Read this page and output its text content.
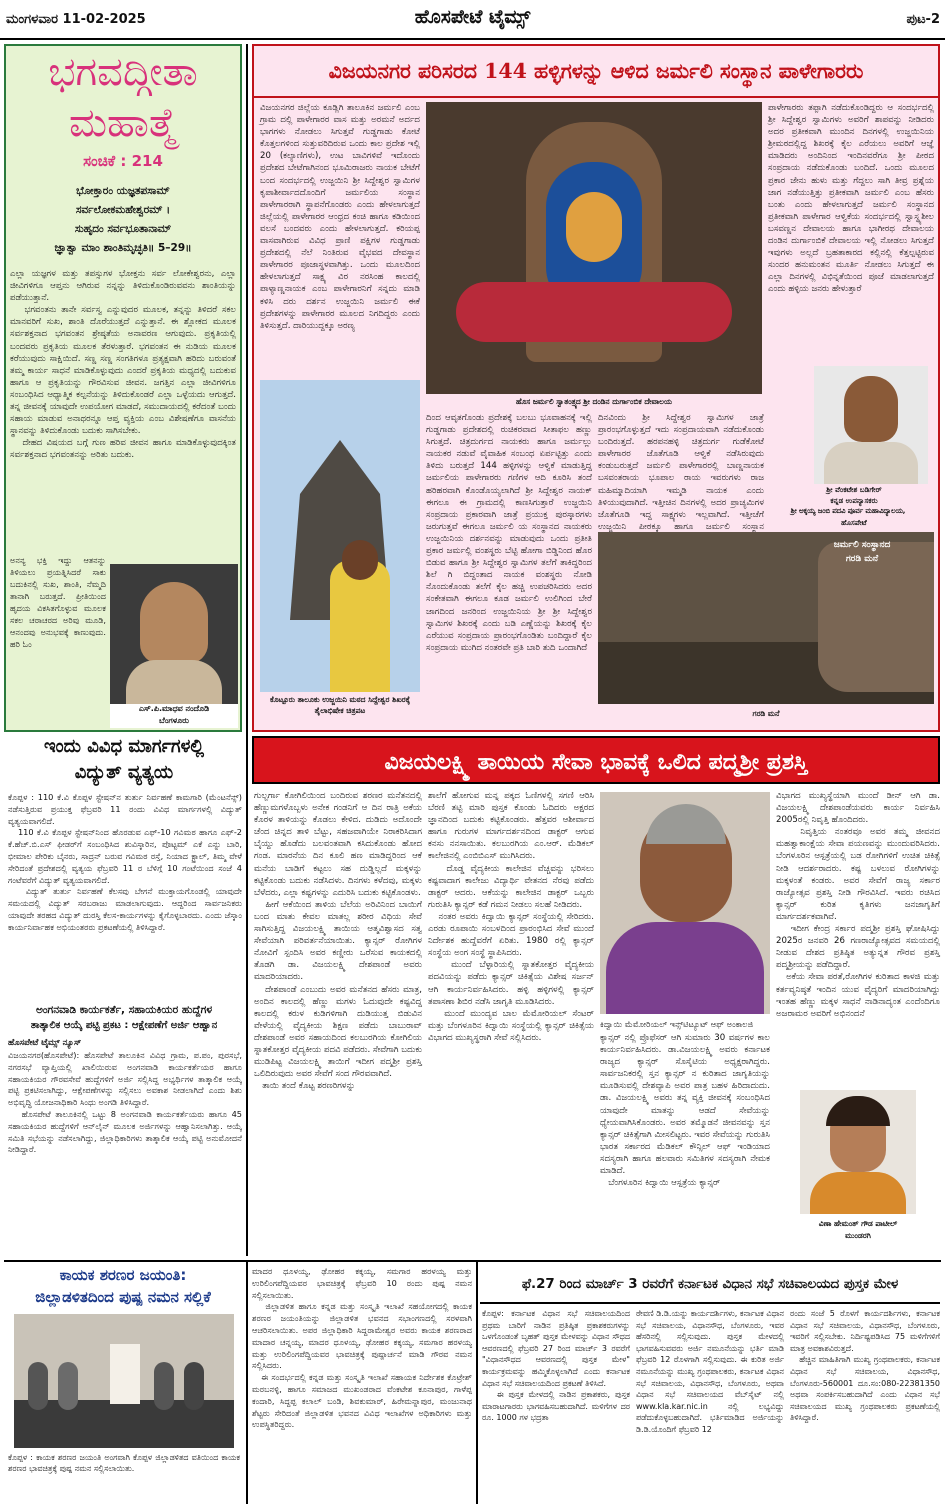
ಮಂಗಳವಾರ 11-02-2025	ಹೊಸಪೇಟೆ ಟೈಮ್ಸ್	ಪುಟ-2
ಭಗವದ್ಗೀತಾ
ಮಹಾತ್ಮೆ
ಸಂಚಿಕೆ : 214
ಭೋಕ್ತಾರಂ ಯಜ್ಞತಪಸಾಮ್
ಸರ್ವಲೋಕಮಹೇಶ್ವರಮ್ ।
ಸುಹೃದಂ ಸರ್ವಭೂತಾನಾಮ್
ಜ್ಞಾತ್ವಾ ಮಾಂ ಶಾಂತಿಮೃಚ್ಛತಿ॥ 5–29॥
ಎಲ್ಲಾ ಯಜ್ಞಗಳ ಮತ್ತು ತಪಸ್ಸುಗಳ ಭೋಕ್ತನು ಸರ್ವ ಲೋಕೇಶ್ವರನು, ಎಲ್ಲಾ ಜೀವಿಗಳಿಗೂ ಆಪ್ತನು ಆಗಿರುವ ನನ್ನನ್ನು ತಿಳಿದುಕೊಂಡಿರುವವನು ಶಾಂತಿಯನ್ನು ಪಡೆಯುತ್ತಾನೆ.
ಭಗವಂತನು ತಾನೇ ಸರ್ವಸ್ವ ಎನ್ನುವುದರ ಮೂಲಕ, ತನ್ನನ್ನು ತಿಳಿದರೆ ಸಕಲ ಮಾನವರಿಗೆ ಸುಖ, ಶಾಂತಿ ದೊರೆಯುತ್ತದೆ ಎನ್ನುತ್ತಾನೆ. ಈ ಶ್ಲೋಕದ ಮೂಲಕ ಸರ್ವಶಕ್ತನಾದ ಭಗವಂತನ ಶ್ರೇಷ್ಠತೆಯ ಅನಾವರಣ ಆಗುವುದು. ಪ್ರಕೃತಿಯಲ್ಲಿ ಬಂದವರು ಪ್ರಕೃತಿಯ ಮೂಲಕ ತೆರಳುತ್ತಾರೆ. ಭಗವಂತನ ಈ ನುಡಿಯ ಮೂಲಕ ಕರೆಯುವುದು ಸಾಕ್ಷಿಯಿದೆ. ಸಣ್ಣ ಸಣ್ಣ ಸಂಗತಿಗಳೂ ಪ್ರತ್ಯಕ್ಷವಾಗಿ ಹರಿದು ಬರುವಂತೆ ತಮ್ಮ ಕಾರ್ಯ ಸಾಧನೆ ಮಾಡಿಕೊಳ್ಳುವುದು ಎಂದರೆ ಪ್ರಕೃತಿಯ ಮಧ್ಯದಲ್ಲಿ ಬದುಕುವ ಹಾಗೂ ಆ ಪ್ರಕೃತಿಯನ್ನು ಗೌರವಿಸುವ ಜೀವನ. ಜಗತ್ತಿನ ಎಲ್ಲಾ ಜೀವಿಗಳಿಗೂ ಸಂಬಂಧಿಸಿದ ಆಧ್ಯಾತ್ಮಿಕ ಕಲ್ಪನೆಯನ್ನು ತಿಳಿದುಕೊಂಡರೆ ಎಲ್ಲಾ ಒಳ್ಳೆಯದು ಆಗುತ್ತದೆ. ತನ್ನ ಜೀವನಕ್ಕೆ ಯಾವುದೇ ಉಪಯೋಗ ಮಾಡದೆ, ಸಮುದಾಯದಲ್ಲಿ ಕರೆದಂತೆ ಬಂದು ಸಹಾಯ ಮಾಡುವ ಅನಾಥರನ್ನೂ ಆಪ್ತ ವ್ಯಕ್ತಿಯ ಎಂಬ ವಿಶೇಷಣೆಗೂ ವಾಸನೆಯ ಸ್ಥಾನವನ್ನು ತಿಳಿದುಕೊಂಡು ಬದುಕು ಸಾಗಿಸಬೇಕು.
ದೇಹದ ವಿಷಯದ ಬಗ್ಗೆ ಗುಣ ಹರಿವ ಜೀವನ ಹಾಗೂ ಮಾಡಿಕೊಳ್ಳುವುದಕ್ಕಿಂತ ಸರ್ವಶಕ್ತನಾದ ಭಗವಂತನನ್ನು ಅರಿತು ಬದುಕು.
ಅನನ್ಯ ಭಕ್ತಿ ಇದ್ದು ಆತನನ್ನು ತಿಳಿಯಲು ಪ್ರಯತ್ನಿಸಿದರೆ ಸಾಕು ಬದುಕಿನಲ್ಲಿ ಸುಖ, ಶಾಂತಿ, ನೆಮ್ಮದಿ ತಾನಾಗಿ ಬರುತ್ತದೆ. ಪ್ರೀತಿಯಿಂದ ಹೃದಯ ವಿಕಸಿತಗೊಳ್ಳುವ ಮೂಲಕ ಸಕಲ ಚರಾಚರದ ಅರಿವು ಮೂಡಿ, ಆನಂದವು ಅನುಭವಕ್ಕೆ ಕಾಣುವುದು. ಹರಿ ಓಂ
ಎಸ್.ಪಿ.ಮಾಧವ ನಂದೊಡಿ
ಬೆಂಗಳೂರು
ಇಂದು ವಿವಿಧ ಮಾರ್ಗಗಳಲ್ಲಿ
ವಿದ್ಯುತ್ ವ್ಯತ್ಯಯ
ಕೊಪ್ಪಳ : 110 ಕೆ.ವಿ ಕೊಪ್ಪಳ ಸ್ಟೇಷನ್‌ನ ತುರ್ತು ನಿರ್ವಹಣೆ ಕಾಮಗಾರಿ (ಮೆಂಟನೆನ್ಸ್) ನಡೆಸುತ್ತಿರುವ ಪ್ರಯುಕ್ತ ಫೆಬ್ರವರಿ 11 ರಂದು ವಿವಿಧ ಮಾರ್ಗಗಳಲ್ಲಿ ವಿದ್ಯುತ್ ವ್ಯತ್ಯಯವಾಗಲಿದೆ.
110 ಕೆ.ವಿ ಕೊಪ್ಪಳ ಸ್ಟೇಷನ್‌ನಿಂದ ಹೊರಡುವ ಎಫ್-10 ಗವಿಮಠ ಹಾಗೂ ಎಫ್-2 ಕೆ.ಹೆಚ್.ಬಿ.ಎಸ್ ಫೀಡರ್‌ಗೆ ಸಂಬಂಧಿಸಿದ ಶುವಿಸ್ಕಾರಿನ, ಪೊಟ್ಟಮ್ ಎಕೆ ಎನ್ನು ಬಾರಿ, ಭೀಮಾಲ ಪೇರಿಕು ಬೈನರು, ಸಾದ್ರನ್ ಬರುವ ಗವಿಮಠ ರಸ್ತೆ, ನಿಯಾದ ಕ್ಟ್ರಾಲ್, ತಿಮ್ಮ ವೇಳೆ ಸೇರಿದಂತೆ ಪ್ರದೇಶದಲ್ಲಿ ವ್ಯತ್ಯಯ ಫೆಬ್ರವರಿ 11 ರ ಬೆಳಿಗ್ಗೆ 10 ಗಂಟೆಯಿಂದ ಸಂಜೆ 4 ಗಂಟೆವರೆಗೆ ವಿದ್ಯುತ್ ವ್ಯತ್ಯಯವಾಗಲಿದೆ.
ವಿದ್ಯುತ್ ತುರ್ತು ನಿರ್ವಹಣೆ ಕೆಲಸವು ಬೇಗನೆ ಮುಕ್ತಾಯಗೊಂಡಲ್ಲಿ ಯಾವುದೇ ಸಮಯದಲ್ಲಿ ವಿದ್ಯುತ್ ಸರಬರಾಜು ಮಾಡಲಾಗುವುದು. ಆದ್ದರಿಂದ ಸಾರ್ವಜನಿಕರು ಯಾವುದೇ ತರಹದ ವಿದ್ಯುತ್ ದುರಸ್ತಿ ಕೆಲಸ-ಕಾರ್ಯಗಳನ್ನು ಕೈಗೊಳ್ಳಬಾರದು. ಎಂದು ಜೆಸ್ಕಾಂ ಕಾರ್ಯನಿರ್ವಾಹಕ ಅಭಿಯಂತರರು ಪ್ರಕಟಣೆಯಲ್ಲಿ ತಿಳಿಸಿದ್ದಾರೆ.
ಅಂಗನವಾಡಿ ಕಾರ್ಯಕರ್ತೆ, ಸಹಾಯಕಿಯರ ಹುದ್ದೆಗಳ
ತಾತ್ಕಾಲಿಕ ಆಯ್ಕೆ ಪಟ್ಟಿ ಪ್ರಕಟ : ಆಕ್ಷೇಪಣೆಗೆ ಅರ್ಜಿ ಆಹ್ವಾನ
ಹೊಸಪೇಟೆ ಟೈಮ್ಸ್ ನ್ಯೂಸ್
ವಿಜಯನಗರ(ಹೊಸಪೇಟೆ): ಹೊಸಪೇಟೆ ತಾಲೂಕಿನ ವಿವಿಧ ಗ್ರಾಮ, ಪ.ಪಂ, ಪುರಸಭೆ, ನಗರಸಭೆ ವ್ಯಾಪ್ತಿಯಲ್ಲಿ ಖಾಲಿಯಿರುವ ಅಂಗನವಾಡಿ ಕಾರ್ಯಕರ್ತೆಯರ ಹಾಗೂ ಸಹಾಯಕಿಯರ ಗೌರವಸೇವೆ ಹುದ್ದೆಗಳಿಗೆ ಅರ್ಜಿ ಸಲ್ಲಿಸಿದ್ದ ಅಭ್ಯರ್ಥಿಗಳ ತಾತ್ಕಾಲಿಕ ಆಯ್ಕೆ ಪಟ್ಟಿ ಪ್ರಕಟಿಸಲಾಗಿದ್ದು, ಆಕ್ಷೇಪಣೆಗಳನ್ನು ಸಲ್ಲಿಸಲು ಅವಕಾಶ ನೀಡಲಾಗಿದೆ ಎಂದು ಶಿಶು ಅಭಿವೃದ್ಧಿ ಯೋಜನಾಧಿಕಾರಿ ಸಿಂಧು ಅಂಗಡಿ ತಿಳಿಸಿದ್ದಾರೆ.
ಹೊಸಪೇಟೆ ತಾಲೂಕಿನಲ್ಲಿ ಒಟ್ಟು 8 ಅಂಗನವಾಡಿ ಕಾರ್ಯಕರ್ತೆಯರು ಹಾಗೂ 45 ಸಹಾಯಕಿಯರ ಹುದ್ದೆಗಳಿಗೆ ಆನ್‌ಲೈನ್ ಮೂಲಕ ಅರ್ಜಿಗಳನ್ನು ಆಹ್ವಾನಿಸಲಾಗಿತ್ತು. ಆಯ್ಕೆ ಸಮಿತಿ ಸಭೆಯನ್ನು ನಡೆಸಲಾಗಿದ್ದು, ಜಿಲ್ಲಾಧಿಕಾರಿಗಳು ತಾತ್ಕಾಲಿಕ ಆಯ್ಕೆ ಪಟ್ಟಿ ಅನುಮೋದನೆ ನೀಡಿದ್ದಾರೆ.
ವಿಜಯನಗರ ಪರಿಸರದ 144 ಹಳ್ಳಿಗಳನ್ನು ಆಳಿದ ಜರ್ಮಲಿ ಸಂಸ್ಥಾನ ಪಾಳೇಗಾರರು
ವಿಜಯನಗರ ಜಿಲ್ಲೆಯ ಕೂಡ್ಲಿಗಿ ತಾಲೂಕಿನ ಜರ್ಮಲಿ ಎಂಬ ಗ್ರಾಮ ದಲ್ಲಿ ಪಾಳೇಗಾರರ ವಾಸ ಮತ್ತು ಅರಮನೆ ಅರ್ದದ ಭಾಗಗಳು ನೋಡಲು ಸಿಗುತ್ತವೆ ಗುಡ್ಡಗಾಡು ಕೋಟೆ ಕೊತ್ತಲಗಳಿಂದ ಸುತ್ತುವರಿದಿರುವ ಒಂದು ಕಾಲ ಪ್ರದೇಶ ಇಲ್ಲಿ 20 (ಕಲ್ಯಾಣಿಗಳು), ಉಟ ಬಾವಿಗಳಿವೆ ಇದೊಂದು ಪ್ರದೇಶದ ಬೇಟೆಗಾಗಿನಂದ ಭೂಮಿರಾಜರು ನಾಯಕ ಬೇಟೆಗೆ ಬಂದ ಸಂದರ್ಭದಲ್ಲಿ ಉಜ್ಜಯಿನಿ ಶ್ರೀ ಸಿದ್ದೇಶ್ವರ ಸ್ವಾಮಿಗಳ ಕೃಪಾಶೀರ್ವಾದದೊಂದಿಗೆ ಜರ್ಮಲಿಯ ಸಂಸ್ಥಾನ ಪಾಳೇಗಾರರಾಗಿ ಸ್ಥಾಪನೆಗೊಂಡರು ಎಂದು ಹೇಳಲಾಗುತ್ತದೆ ಜಿಲ್ಲೆಯಲ್ಲಿ ಪಾಳೇಗಾರರ ಆಂಧ್ರದ ಕಂಚಿ ಹಾಗೂ ಕಡಿಯಿಂದ ವಲಸೆ ಬಂದವರು ಎಂದು ಹೇಳಲಾಗುತ್ತದೆ. ಕರಿಯಪ್ಪ ವಾಸವಾಗಿರುವ ವಿವಿಧ ಪ್ರಾಣಿ ಪಕ್ಷಿಗಳ ಗುಡ್ಡಗಾಡು ಪ್ರದೇಶದಲ್ಲಿ ನೆಲೆ ನಿಂತಿರುವ ವೈಭವದ ದೇವಸ್ಥಾನ ಪಾಳೇಗಾರರ ಪೂಜಾಸ್ಥಳವಾಗಿತ್ತು. ಒಂದು ಮೂಲದಿಂದ ಹೇಳಲಾಗುತ್ತದೆ ಸಾಕ್ಷ್ಯ ವಿರ ನರಸಿಂಹ ಕಾಲದಲ್ಲಿ ಪಾಳ್ಯಾಣ್ಣನಾಯಕ ಎಂಬ ಪಾಳೇಗಾರನಿಗೆ ಸನ್ನದು ಮಾಡಿ ಕಳಿಸಿ ದರು ದರ್ಶನ ಉಜ್ಜಯಿನಿ ಜರ್ಮಲಿ ಈಕೆ ಪ್ರದೇಶಗಳನ್ನು ಪಾಳೇಗಾರರ ಮೂಲದ ನಿಗದಿದ್ದರು ಎಂದು ತಿಳಿಸುತ್ತದೆ. ದಾರಿಯುದ್ದಕ್ಕೂ ಅರಣ್ಯ
ಹೊಸ ಜರ್ಮಲಿ ಸ್ವಾತಂತ್ರ್ಯದ ಶ್ರೀ ದಂಡಿನ ದುರ್ಗಾಂಬಿಕ ದೇವಾಲಯ
ಪಾಳೇಗಾರರು ತಪ್ಪಾಗಿ ನಡೆದುಕೊಂಡಿದ್ದರು ಆ ಸಂದರ್ಭದಲ್ಲಿ ಶ್ರೀ ಸಿದ್ದೇಶ್ವರ ಸ್ವಾಮಿಗಳು ಅವರಿಗೆ ಶಾಪವನ್ನು ನೀಡಿದರು ಅದರ ಪ್ರತೀಕವಾಗಿ ಮುಂದಿನ ದಿನಗಳಲ್ಲಿ ಉಜ್ಜಯಿನಿಯ ಶ್ರೀಮಠದಲ್ಲಿದ್ದ ಶಿಖರಕ್ಕೆ ಕೈಲ ಎರೆಯಲು ಅವರಿಗೆ ಆಜ್ಞೆ ಮಾಡಿದರು ಅಂದಿನಿಂದ ಇಂದಿನವರೆಗೂ ಶ್ರೀ ಪೀಠದ ಸಂಪ್ರದಾಯ ನಡೆದುಕೊಂಡು ಬಂದಿದೆ. ಒಂದು ಮೂಲದ ಪ್ರಕಾರ ಜೇನು ಹುಳು ಮತ್ತು ಗೆದ್ದಲು ಸಾಗಿ ತೀವ್ರ ಪ್ರಶ್ನೆಯ ಜಾಗ ನಡೆಯುತ್ತಿತ್ತು ಪ್ರತೀಕವಾಗಿ ಜರ್ಮಲಿ ಎಂಬ ಹೆಸರು ಬಂತು ಎಂದು ಹೇಳಲಾಗುತ್ತದೆ ಜರ್ಮಲಿ ಸಂಸ್ಥಾನದ ಪ್ರತೀಕವಾಗಿ ಪಾಳೇಗಾರ ಆಳ್ವಿಕೆಯ ಸಂದರ್ಭದಲ್ಲಿ ಸ್ವಾಸ್ಥ್ಯಶೀಲ ಬಸವಣ್ಣನ ದೇವಾಲಯ ಹಾಗೂ ಭಾಗೀರಥ ದೇವಾಲಯ ದಂಡಿನ ದುರ್ಗಾಂಬಿಕೆ ದೇವಾಲಯ ಇಲ್ಲಿ ನೋಡಲು ಸಿಗುತ್ತದೆ ಇವುಗಳು ಅಲ್ಲದೆ ಬ್ರಹತಾಕಾರದ ಕಲ್ಲಿನಲ್ಲಿ ಕೆತ್ತಲ್ಪಟ್ಟಿರುವ ಸುಂದರ ಹನುಮಂತನ ಮೂರ್ತಿ ನೋಡಲು ಸಿಗುತ್ತದೆ ಈ ಎಲ್ಲಾ ದಿನಗಳಲ್ಲಿ ವಿಭಿನ್ನತೆಯಿಂದ ಪೂಜೆ ಮಾಡಲಾಗುತ್ತದೆ ಎಂದು ಹಳ್ಳಿಯ ಜನರು ಹೇಳುತ್ತಾರೆ
ಶ್ರೀ ವೆಂಕಟೇಶ ಬಡಿಗೇರ್
ಕನ್ನಡ ಉಪನ್ಯಾಸಕರು
ಶ್ರೀ ಅಕ್ಕಯ್ಯ ಜಂಬಿ ಪದವಿ ಪೂರ್ವ ಮಹಾವಿದ್ಯಾಲಯ,
ಹೊಸಪೇಟೆ
ದಿಂದ ಆವೃತಗೊಂಡು ಪ್ರದೇಶಕ್ಕೆ ಬಲಬು ಭೂವಾಹನಕ್ಕೆ ಇಲ್ಲಿ ಗುಡ್ಡಗಾಡು ಪ್ರದೇಶದಲ್ಲಿ ರುಚಿಕರವಾದ ಸೀತಾಫಲ ಹಣ್ಣು ಸಿಗುತ್ತದೆ. ಚಿತ್ರದುರ್ಗದ ನಾಯಕರು ಹಾಗೂ ಜರ್ಮಲ್ಲು ನಾಯಕರ ನಡುವೆ ವೈವಾಹಿಕ ಸಂಬಂಧ ಏರ್ಪಟ್ಟಿತ್ತು ಎಂದು ತಿಳಿದು ಬರುತ್ತದೆ 144 ಹಳ್ಳಿಗಳನ್ನು ಆಳ್ವಿಕೆ ಮಾಡುತ್ತಿದ್ದ ಜರ್ಮಲಿಯ ಪಾಳೇಗಾರರು ಗಣಿಗಳ ಆದಿ ಕೂರಿಸಿ ತಂದೆ ಹರಿಹರವಾಗಿ ಕೊಂಡೊಯ್ಯಲಾಗಿದೆ ಶ್ರೀ ಸಿದ್ದೇಶ್ವರ ನಾಯಕ್ ಈಗಲೂ ಈ ಗ್ರಾಮದಲ್ಲಿ ಕಾಣಸಿಗುತ್ತಾರೆ ಉಜ್ಜಯಿನಿ ಸಂಪ್ರದಾಯ ಪ್ರಕಾರವಾಗಿ ಜಾತ್ರೆ ಪ್ರಯುಕ್ತ ಪುರಸ್ಕಾರಗಳು ಜರುಗುತ್ತವೆ ಈಗಲೂ ಜರ್ಮಲಿ ಯ ಸಂಸ್ಥಾನದ ನಾಯಕರು ಉಜ್ಜಯಿನಿಯ ದರ್ಶನವನ್ನು ಮಾಡುವುದು ಒಂದು ಪ್ರತೀತಿ ಪ್ರಕಾರ ಜರ್ಮಲ್ಲಿ ವಂಶಸ್ಥರು ಬೆಟ್ಟಿ ಹೋಗಾ ಬಿಡ್ಡಿನಿಂದ ಹೊರ ಬಿಡುವ ಹಾಗೂ ಶ್ರೀ ಸಿದ್ದೇಶ್ವರ ಸ್ವಾಮಿಗಳ ತಲೆಗೆ ತಾಕಿದ್ದರಿಂದ ಶಿಲೆ ಗಿ ಬಿದ್ದಂತಾದ ನಾಯಕ ವಂಶಸ್ಥರು ನೋಡಿ ನೊಂದುಕೊಂಡು ತಲೆಗೆ ಕೈಲ ಹಚ್ಚಿ ಉಪಚರಿಸಿದರು ಅದರ ಸಂಕೇತವಾಗಿ ಈಗಲೂ ಕೂಡ ಜರ್ಮಲಿ ಉಲಿಗಿಂದ ಬೇರೆ ಜಾಗದಿಂದ ಜನರಿಂದ ಉಜ್ಜಯಿನಿಯ ಶ್ರೀ ಶ್ರೀ ಸಿದ್ದೇಶ್ವರ ಸ್ವಾಮಿಗಳ ಶಿಖರಕ್ಕೆ ಎಂದು ಬಡಿ ಎಣ್ಣೆಯನ್ನು ಶಿಖರಕ್ಕೆ ಕೈಲ ಎರೆಯುವ ಸಂಪ್ರದಾಯ ಪ್ರಾರಂಭಗೊಂಡಿತು ಬಂದಿದ್ದಾರೆ ಕೈಲ ಸಂಪ್ರದಾಯ ಮುಗಿದ ನಂತರವೇ ಪ್ರತಿ ಬಾರಿ ತುದಿ ಒಂದಾಗಿದೆ
ದಿನವಿಂದು ಶ್ರೀ ಸಿದ್ದೇಶ್ವರ ಸ್ವಾಮಿಗಳ ಜಾತ್ರೆ ಪ್ರಾರಂಭಗೊಳ್ಳುತ್ತದೆ ಇದು ಸಂಪ್ರದಾಯವಾಗಿ ನಡೆದುಕೊಂಡು ಬಂದಿರುತ್ತದೆ. ಹರಪನಹಳ್ಳಿ ಚಿತ್ರದುರ್ಗ ಗುಡೆಕೋಟೆ ಪಾಳೇಗಾರರ ಜೊತೆಗೂಡಿ ಆಳ್ವಿಕೆ ನಡೆಸಿರುವುದು ಕಂಡುಬರುತ್ತದೆ ಜರ್ಮಲಿ ಪಾಳೇಗಾರರಲ್ಲಿ ಬಾಣ್ಣನಾಯಕ ಬಸವಂತರಾಯ ಭೂಪಾಲ ರಾಯ ಇವರುಗಳು ರಾಜ ಮಹಿಮ್ಮಾದಿಯಾಗಿ ಇಮ್ಮಡಿ ನಾಯಕ ಎಂದು ತಿಳಿಯುವುದಾಗಿದೆ. ಇತ್ತೀಚಿನ ದಿನಗಳಲ್ಲಿ ಅದರ ಪ್ರಾಚ್ಯಮಿಗಳ ಜೊತೆಗೂಡಿ ಇದ್ದ ಸಾಕ್ಷ್ಯಗಳು ಇಲ್ಲವಾಗಿದೆ. ಇತ್ತೀಚೆಗೆ ಉಜ್ಜಯಿನಿ ಪೀಠಕ್ಕೂ ಹಾಗೂ ಜರ್ಮಲಿ ಸಂಸ್ಥಾನ
ಕೊಟ್ಟೂರು ತಾಲೂಕು ಉಜ್ಜಯಿನಿ ಮಠದ ಸಿದ್ದೇಶ್ವರ ಶಿಖರಕ್ಕೆ ತೈಲಾಭಿಷೇಕ ಚಿತ್ರಪಟ
ಜರ್ಮಲಿ ಸಂಸ್ಥಾನದ
ಗರಡಿ ಮನೆ
ಗರಡಿ ಮನೆ
ವಿಜಯಲಕ್ಷ್ಮಿ ತಾಯಿಯ ಸೇವಾ ಭಾವಕ್ಕೆ ಒಲಿದ ಪದ್ಮಶ್ರೀ ಪ್ರಶಸ್ತಿ
ಗುಲ್ಬರ್ಗಾ ಕೋಗಿಲಿಯಿಂದ ಬಂದಿರುವ ಶರಣರ ಮನೆತನದಲ್ಲಿ ಹೆಣ್ಣುಮಗಳೊಬ್ಬಳು ಅನೇಕ ಗಂಡನಿಗೆ ಆ ದಿನ ರಾತ್ರಿ ಅಕೆಯ ಕೊರಳ ತಾಳಿಯನ್ನು ಕೊಡಲು ಕೇಳಿದ. ದುಡಿದು ಅದೊಂದೇ ಚೆಂದ ಚಿನ್ನದ ತಾಳಿ ಬೆಟ್ಟು, ಸಹಜವಾಗಿಯೇ ನಿರಾಕರಿಸಿದಾಗ ಬೈಯ್ದು ಹೊಡೆದು ಬಲವಂತವಾಗಿ ಕಸಿದುಕೊಂಡು ಹೋದ ಗಂಡ. ಮಾರನೆಯ ದಿನ ಕೂಲಿ ಹಣ ಮಾಡಿದ್ದರಿಂದ ಆಕೆ ಮನೆಯ ಬಾಡಿಗೆ ಕಟ್ಟಲು ಸಹ ದುಡ್ಡಿಲ್ಲದೆ ಮಕ್ಕಳನ್ನು ಕಟ್ಟಿಕೊಂಡು ಬದುಕು ನಡೆಸಿದಳು. ದಿನಗಳು ಕಳೆದವು, ಮಕ್ಕಳು ಬೆಳೆದರು, ಎಲ್ಲಾ ಕಷ್ಟಗಳನ್ನು ಎದುರಿಸಿ ಬದುಕು ಕಟ್ಟಿಕೊಂಡಳು.
ಹೀಗೆ ಆಕೆಯಿಂದ ತಾಳಿಯ ಬೆಲೆಯ ಅರಿವಿನಿಂದ ಬಾಯಿಗೆ ಬಂದ ಮಾತು ಕೇವಲ ಮಾತಲ್ಲ ಶರೀರ ವಿಧಿಯ ಸೇವೆ ಸಾಗಿಸುತ್ತಿದ್ದ ವಿಜಯಲಕ್ಷ್ಮಿ ತಾಯಿಯ ಆತ್ಮವಿಶ್ವಾಸದ ಸತ್ವ ಸೇವೆಯಾಗಿ ಪರಿವರ್ತನೆಯಾಯಿತು. ಕ್ಯಾನ್ಸರ್ ರೋಗಿಗಳ ನೋವಿಗೆ ಸ್ಪಂದಿಸಿ ಅವರ ಕಣ್ಣೀರು ಒರೆಸುವ ಕಾಯಕದಲ್ಲಿ ತೊಡಗಿ ಡಾ. ವಿಜಯಲಕ್ಷ್ಮಿ ದೇಶಪಾಂಡೆ ಅವರು ಮಾದರಿಯಾದರು.
ದೇಶಪಾಂಡೆ ಎಂಬುದು ಅವರ ಮನೆತನದ ಹೆಸರು ಮಾತ್ರ, ಅಂದಿನ ಕಾಲದಲ್ಲಿ ಹೆಣ್ಣು ಮಗಳು ಓದುವುದೇ ಕಷ್ಟವಿದ್ದ ಕಾಲದಲ್ಲಿ ಕರುಳ ಕುಡಿಗಳಿಗಾಗಿ ದುಡಿಯುತ್ತ ಬಿಡುವಿನ ವೇಳೆಯಲ್ಲಿ ವೈದ್ಯಕೀಯ ಶಿಕ್ಷಣ ಪಡೆದು ಬಾಬುರಾವ್ ದೇಶಪಾಂಡೆ ಅವರ ಸಹಾಯದಿಂದ ಕಲಬುರಗಿಯ ಕೋಗಿಲಿಯ ಸ್ನಾತಕೋತ್ತರ ವೈದ್ಯಕೀಯ ಪದವಿ ಪಡೆದರು. ಸೇವೆಗಾಗಿ ಬದುಕು ಮುಡಿಪಿಟ್ಟ ವಿಜಯಲಕ್ಷ್ಮಿ ತಾಯಿಗೆ ಇದೀಗ ಪದ್ಮಶ್ರೀ ಪ್ರಶಸ್ತಿ ಒಲಿದಿರುವುದು ಅವರ ಸೇವೆಗೆ ಸಂದ ಗೌರವವಾಗಿದೆ.
ತಾಯಿ ತಂದೆ ಕೊಟ್ಟ ಶರಣರಿಗಳನ್ನು
ಶಾಲೆಗೆ ಹೋಗುವ ಮನ್ನ ಪಕ್ಕದ ಓಣಿಗಳಲ್ಲಿ ಸಗಣಿ ಆರಿಸಿ ಬೆರಣಿ ತಟ್ಟಿ ಮಾರಿ ಪುಸ್ತಕ ಕೊಂಡು ಓದಿದರು ಅಕ್ಷರದ ಜ್ಞಾನದಿಂದ ಬದುಕು ಕಟ್ಟಿಕೊಂಡರು. ಹೆತ್ತವರ ಆಶೀರ್ವಾದ ಹಾಗೂ ಗುರುಗಳ ಮಾರ್ಗದರ್ಶನದಿಂದ ಡಾಕ್ಟರ್ ಆಗುವ ಕನಸು ನನಸಾಯಿತು. ಕಲಬುರಗಿಯ ಎಂ.ಆರ್. ಮೆಡಿಕಲ್ ಕಾಲೇಜಿನಲ್ಲಿ ಎಂಬಿಬಿಎಸ್ ಮುಗಿಸಿದರು.
ದೊಡ್ಡ ವೈದ್ಯಕೀಯ ಕಾಲೇಜಿನ ವೆಚ್ಚವನ್ನು ಭರಿಸಲು ಕಷ್ಟವಾದಾಗ ಕಾಲೇಜು ವಿದ್ಯಾರ್ಥಿ ವೇತನದ ನೆರವು ಪಡೆದು ಡಾಕ್ಟರ್ ಆದರು. ಆಕೆಯನ್ನು ಕಾಲೇಜಿನ ಡಾಕ್ಟರ್ ಒಬ್ಬರು ಗುರುತಿಸಿ ಕ್ಯಾನ್ಸರ್ ಕಡೆ ಗಮನ ನೀಡಲು ಸಲಹೆ ನೀಡಿದರು.
ನಂತರ ಅವರು ಕಿದ್ವಾಯಿ ಕ್ಯಾನ್ಸರ್ ಸಂಸ್ಥೆಯಲ್ಲಿ ಸೇರಿದರು. ಎರಡು ರೂಪಾಯಿ ಸಂಬಳದಿಂದ ಪ್ರಾರಂಭಿಸಿದ ಸೇವೆ ಮುಂದೆ ನಿರ್ದೇಶಕ ಹುದ್ದೆವರೆಗೆ ಏರಿತು. 1980 ರಲ್ಲಿ ಕ್ಯಾನ್ಸರ್ ಸಂಸ್ಥೆಯ ಅಂಗ ಸಂಸ್ಥೆ ಸ್ಥಾಪಿಸಿದರು.
ಮುಂದೆ ಬೆಳ್ಳಾರಿಯಲ್ಲಿ ಸ್ನಾತಕೋತ್ತರ ವೈದ್ಯಕೀಯ ಪದವಿಯನ್ನು ಪಡೆದು ಕ್ಯಾನ್ಸರ್ ಚಿಕಿತ್ಸೆಯ ವಿಶೇಷ ಸರ್ಜನ್ ಆಗಿ ಕಾರ್ಯನಿರ್ವಹಿಸಿದರು. ಹಳ್ಳಿ ಹಳ್ಳಿಗಳಲ್ಲಿ ಕ್ಯಾನ್ಸರ್ ತಪಾಸಣಾ ಶಿಬಿರ ನಡೆಸಿ ಜಾಗೃತಿ ಮೂಡಿಸಿದರು.
ಮುಂದೆ ಮುಂದ್ಯವ ಬಾಲ ಮೆಮೋರಿಯಲ್ ಸೆಂಟರ್ ಮತ್ತು ಬೆಂಗಳೂರಿನ ಕಿದ್ವಾಯಿ ಸಂಸ್ಥೆಯಲ್ಲಿ ಕ್ಯಾನ್ಸರ್ ಚಿಕಿತ್ಸೆಯ ವಿಭಾಗದ ಮುಖ್ಯಸ್ಥರಾಗಿ ಸೇವೆ ಸಲ್ಲಿಸಿದರು.
ಕಿದ್ವಾಯಿ ಮೆಮೋರಿಯಲ್ ಇನ್ಸ್‌ಟಿಟ್ಯೂಟ್ ಆಫ್ ಅಂಕಾಲಜಿ
ಕ್ಯಾನ್ಸರ್ ನಲ್ಲಿ ಪ್ರೊಫೆಸರ್ ಆಗಿ ಸುಮಾರು 30 ವರ್ಷಗಳ ಕಾಲ ಕಾರ್ಯನಿರ್ವಹಿಸಿದರು. ಡಾ.ವಿಜಯಲಕ್ಷ್ಮಿ ಅವರು ಕರ್ನಾಟಕ ರಾಜ್ಯದ ಕ್ಯಾನ್ಸರ್ ಸೊಸೈಟಿಯ ಅಧ್ಯಕ್ಷರಾಗಿದ್ದರು. ಸಾರ್ವಜನಿಕರಲ್ಲಿ ಸ್ತನ ಕ್ಯಾನ್ಸರ್ ನ ಕುರಿತಾದ ಜಾಗೃತಿಯನ್ನು ಮೂಡಿಸುವಲ್ಲಿ ದೇಶವ್ಯಾಪಿ ಅವರ ಪಾತ್ರ ಬಹಳ ಹಿರಿದಾದುದು. ಡಾ. ವಿಜಯಲಕ್ಷ್ಮಿ ಅವರು ತನ್ನ ವ್ಯಕ್ತಿ ಜೀವನಕ್ಕೆ ಸಂಬಂಧಿಸಿದ ಯಾವುದೇ ಮಾತನ್ನು ಆಡದೆ ಸೇವೆಯನ್ನು ಧ್ಯೇಯವಾಗಿಸಿಕೊಂಡರು. ಅವರ ತಮ್ಮೊಡನೆ ಜೀವನವನ್ನು ಸ್ತನ ಕ್ಯಾನ್ಸರ್ ಚಿಕಿತ್ಸೆಗಾಗಿ ಮೀಸಲಿಟ್ಟರು. ಇವರ ಸೇವೆಯನ್ನು ಗುರುತಿಸಿ ಭಾರತ ಸರ್ಕಾರದ ಮೆಡಿಕಲ್ ಕೌನ್ಸಿಲ್ ಆಫ್ ಇಂಡಿಯಾದ ಸದಸ್ಯರಾಗಿ ಹಾಗೂ ಹಲವಾರು ಸಮಿತಿಗಳ ಸದಸ್ಯರಾಗಿ ನೇಮಕ ಮಾಡಿದೆ.
ಬೆಂಗಳೂರಿನ ಕಿದ್ವಾಯಿ ಆಸ್ಪತ್ರೆಯ ಕ್ಯಾನ್ಸರ್
ವಿಭಾಗದ ಮುಖ್ಯಸ್ಥೆಯಾಗಿ ಮುಂದೆ ಡೀನ್ ಆಗಿ ಡಾ. ವಿಜಯಲಕ್ಷ್ಮಿ ದೇಶಪಾಂಡೆಯವರು ಕಾರ್ಯ ನಿರ್ವಹಿಸಿ 2005ರಲ್ಲಿ ನಿವೃತ್ತಿ ಹೊಂದಿದರು.
ನಿವೃತ್ತಿಯ ನಂತರವೂ ಅವರ ತಮ್ಮ ಜೀವನದ ಮಹತ್ವಾಕಾಂಕ್ಷೆಯ ಸೇವಾ ಪಯಣವನ್ನು ಮುಂದುವರಿಸಿದರು. ಬೆಂಗಳೂರಿನ ಆಸ್ಪತ್ರೆಯಲ್ಲಿ ಬಡ ರೋಗಿಗಳಿಗೆ ಉಚಿತ ಚಿಕಿತ್ಸೆ ನೀಡಿ ಆದರ್ಶರಾದರು. ಕಷ್ಟ ಬಳಲುವ ರೋಗಿಗಳನ್ನು ಮಕ್ಕಳಂತೆ ಕಂಡರು. ಅವರ ಸೇವೆಗೆ ರಾಜ್ಯ ಸರ್ಕಾರ ರಾಜ್ಯೋತ್ಸವ ಪ್ರಶಸ್ತಿ ನೀಡಿ ಗೌರವಿಸಿದೆ. ಇವರು ರಚಿಸಿದ ಕ್ಯಾನ್ಸರ್ ಕುರಿತ ಕೃತಿಗಳು ಜನಜಾಗೃತಿಗೆ ಮಾರ್ಗದರ್ಶಕವಾಗಿವೆ.
ಇದೀಗ ಕೇಂದ್ರ ಸರ್ಕಾರ ಪದ್ಮಶ್ರೀ ಪ್ರಶಸ್ತಿ ಘೋಷಿಸಿದ್ದು 2025ರ ಜನವರಿ 26 ಗಣರಾಜ್ಯೋತ್ಸವದ ಸಮಯದಲ್ಲಿ ನೀಡುವ ದೇಶದ ಪ್ರತಿಷ್ಠಿತ ಅತ್ಯುನ್ನತ ಗೌರವ ಪ್ರಶಸ್ತಿ ಪದ್ಮಶ್ರೀಯನ್ನು ಪಡೆದಿದ್ದಾರೆ.
ಅಕೆಯ ಸೇವಾ ಪರತೆ,ರೋಗಿಗಳ ಕುರಿತಾದ ಕಾಳಜಿ ಮತ್ತು ಕರ್ತವ್ಯನಿಷ್ಠತೆ ಇಂದಿನ ಯುವ ವೈದ್ಯರಿಗೆ ಮಾದರಿಯಾಗಿದ್ದು ಇಂತಹ ಹೆಣ್ಣು ಮಕ್ಕಳ ಸಾಧನೆ ನಾಡಿನಾದ್ಯಂತ ಎಂದೆಂದಿಗೂ ಅಜರಾಮರ ಅವರಿಗೆ ಅಭಿನಂದನೆ
ವಿಣಾ ಹೇಮಂತ್ ಗೌಡ ಪಾಟೀಲ್
ಮುಂಡರಗಿ
ಕಾಯಕ ಶರಣರ ಜಯಂತಿ:
ಜಿಲ್ಲಾಡಳಿತದಿಂದ ಪುಷ್ಪ ನಮನ ಸಲ್ಲಿಕೆ
ಕೊಪ್ಪಳ : ಕಾಯಕ ಶರಣರ ಜಯಂತಿ ಅಂಗವಾಗಿ ಕೊಪ್ಪಳ ಜಿಲ್ಲಾಡಳಿತದ ವತಿಯಿಂದ ಕಾಯಕ ಶರಣರ ಭಾವಚಿತ್ರಕ್ಕೆ ಪುಷ್ಪ ನಮನ ಸಲ್ಲಿಸಲಾಯಿತು.
ಮಾದರ ಧೂಳಯ್ಯ, ಢೋಹರ ಕಕ್ಕಯ್ಯ, ಸಮಗಾರ ಹರಳಯ್ಯ ಮತ್ತು ಉರಿಲಿಂಗಪೆದ್ದಿಯವರ ಭಾವಚಿತ್ರಕ್ಕೆ ಫೆಬ್ರವರಿ 10 ರಂದು ಪುಷ್ಪ ನಮನ ಸಲ್ಲಿಸಲಾಯಿತು.
ಜಿಲ್ಲಾಡಳಿತ ಹಾಗೂ ಕನ್ನಡ ಮತ್ತು ಸಂಸ್ಕೃತಿ ಇಲಾಖೆ ಸಹಯೋಗದಲ್ಲಿ ಕಾಯಕ ಶರಣರ ಜಯಂತಿಯನ್ನು ಜಿಲ್ಲಾಡಳಿತ ಭವನದ ಸಭಾಂಗಣದಲ್ಲಿ ಸರಳವಾಗಿ ಆಚರಿಸಲಾಯಿತು. ಅಪರ ಜಿಲ್ಲಾಧಿಕಾರಿ ಸಿದ್ದರಾಮೇಶ್ವರ ಅವರು ಕಾಯಕ ಶರಣರಾದ ಮಾದಾರ ಚನ್ನಯ್ಯ, ಮಾದರ ಧೂಳಯ್ಯ, ಢೋಹರ ಕಕ್ಕಯ್ಯ, ಸಮಗಾರ ಹರಳಯ್ಯ ಮತ್ತು ಉರಿಲಿಂಗಪೆದ್ದಿಯವರ ಭಾವಚಿತ್ರಕ್ಕೆ ಪುಷ್ಪಾರ್ಚನೆ ಮಾಡಿ ಗೌರವ ನಮನ ಸಲ್ಲಿಸಿದರು.
ಈ ಸಂದರ್ಭದಲ್ಲಿ ಕನ್ನಡ ಮತ್ತು ಸಂಸ್ಕೃತಿ ಇಲಾಖೆ ಸಹಾಯಕ ನಿರ್ದೇಶಕ ಕೊಟ್ರೇಶ್ ಮರಬನಳ್ಳಿ, ಹಾಗೂ ಸಮಾಜದ ಮುಖಂಡರಾದ ವೆಂಕಟೇಶ ಕೂನಾಪುರ, ಗಾಳೆಪ್ಪ ಕಂದಾರಿ, ಸಿದ್ದಪ್ಪ ಕಲಾಲ್ ಬಂಡಿ, ಶಿವಕುಮಾರ್, ಹಿರೇಮನ್ನಾಪುರ, ಮಂಜುನಾಥ ಶೆಟ್ಟರು ಸೇರಿದಂತೆ ಜಿಲ್ಲಾಡಳಿತ ಭವನದ ವಿವಿಧ ಇಲಾಖೆಗಳ ಅಧಿಕಾರಿಗಳು ಮತ್ತು ಉಪಸ್ಥಿತರಿದ್ದರು.
ಫೆ.27 ರಿಂದ ಮಾರ್ಚ್ 3 ರವರೆಗೆ ಕರ್ನಾಟಕ ವಿಧಾನ ಸಭೆ ಸಚಿವಾಲಯದ ಪುಸ್ತಕ ಮೇಳ
ಕೊಪ್ಪಳ: ಕರ್ನಾಟಕ ವಿಧಾನ ಸಭೆ ಸಚಿವಾಲಯದಿಂದ ಪ್ರಥಮ ಬಾರಿಗೆ ನಾಡಿನ ಪ್ರತಿಷ್ಠಿತ ಪ್ರಕಾಶಕರುಗಳನ್ನು ಒಳಗೊಂಡಂತೆ ಬೃಹತ್ ಪುಸ್ತಕ ಮೇಳವನ್ನು ವಿಧಾನ ಸೌಧದ ಆವರಣದಲ್ಲಿ ಫೆಬ್ರವರಿ 27 ರಿಂದ ಮಾರ್ಚ್ 3 ರವರೆಗೆ "ವಿಧಾನಸೌಧದ ಆವರಣದಲ್ಲಿ ಪುಸ್ತಕ ಮೇಳ" ಕಾರ್ಯಕ್ರಮವನ್ನು ಹಮ್ಮಿಕೊಳ್ಳಲಾಗಿದೆ ಎಂದು ಕರ್ನಾಟಕ ವಿಧಾನ ಸಭೆ ಸಚಿವಾಲಯದಿಂದ ಪ್ರಕಟಣೆ ತಿಳಿಸಿದೆ.
ಈ ಪುಸ್ತಕ ಮೇಳದಲ್ಲಿ ನಾಡಿನ ಪ್ರಕಾಶಕರು, ಪುಸ್ತಕ ಮಾರಾಟಗಾರರು ಭಾಗವಹಿಸಬಹುದಾಗಿದೆ. ಮಳಿಗೆಗಳ ದರ ರೂ. 1000 ಗಳ ಭದ್ರತಾ
ಠೇವಣಿ ಡಿ.ಡಿ.ಯನ್ನು ಕಾರ್ಯದರ್ಶಿಗಳು, ಕರ್ನಾಟಕ ವಿಧಾನ ಸಭೆ ಸಚಿವಾಲಯ, ವಿಧಾನಸೌಧ, ಬೆಂಗಳೂರು, ಇವರ ಹೆಸರಿನಲ್ಲಿ ಸಲ್ಲಿಸುವುದು. ಪುಸ್ತಕ ಮೇಳದಲ್ಲಿ ಭಾಗವಹಿಸುವವರು ಅರ್ಜಿ ನಮೂನೆಯನ್ನು ಭರ್ತಿ ಮಾಡಿ ಫೆಬ್ರವರಿ 12 ರೊಳಗಾಗಿ ಸಲ್ಲಿಸುವುದು. ಈ ಕುರಿತ ಅರ್ಜಿ ನಮೂನೆಯನ್ನು ಮುಖ್ಯ ಗ್ರಂಥಪಾಲಕರು, ಕರ್ನಾಟಕ ವಿಧಾನ ಸಭೆ ಸಚಿವಾಲಯ, ವಿಧಾನಸೌಧ, ಬೆಂಗಳೂರು, ಅಥವಾ ವಿಧಾನ ಸಭೆ ಸಚಿವಾಲಯದ ವೆಬ್‌ಸೈಟ್ ನಲ್ಲಿ www.kla.kar.nic.in ನಲ್ಲಿ ಲಭ್ಯವಿದ್ದು ಪಡೆದುಕೊಳ್ಳಬಹುದಾಗಿದೆ. ಭರ್ತಿಮಾಡಿದ ಅರ್ಜಿಯನ್ನು ಡಿ.ಡಿ.ಯೊಂದಿಗೆ ಫೆಬ್ರವರಿ 12
ರಂದು ಸಂಜೆ 5 ರೊಳಗೆ ಕಾರ್ಯದರ್ಶಿಗಳು, ಕರ್ನಾಟಕ ವಿಧಾನ ಸಭೆ ಸಚಿವಾಲಯ, ವಿಧಾನಸೌಧ, ಬೆಂಗಳೂರು, ಇವರಿಗೆ ಸಲ್ಲಿಸಬೇಕು. ನಿರ್ದಿಷ್ಟಪಡಿಸಿದ 75 ಮಳಿಗೆಗಳಿಗೆ ಮಾತ್ರ ಅವಕಾಶವಿರುತ್ತದೆ.
ಹೆಚ್ಚಿನ ಮಾಹಿತಿಗಾಗಿ ಮುಖ್ಯ ಗ್ರಂಥಪಾಲಕರು, ಕರ್ನಾಟಕ ವಿಧಾನ ಸಭೆ ಸಚಿವಾಲಯ, ವಿಧಾನಸೌಧ, ಬೆಂಗಳೂರು-560001 ದೂ.ಸಂ:080-22381350 ಅಥವಾ ಸಂಪರ್ಕಿಸಬಹುದಾಗಿದೆ ಎಂದು ವಿಧಾನ ಸಭೆ ಸಚಿವಾಲಯದ ಮುಖ್ಯ ಗ್ರಂಥಪಾಲಕರು ಪ್ರಕಟಣೆಯಲ್ಲಿ ತಿಳಿಸಿದ್ದಾರೆ.
